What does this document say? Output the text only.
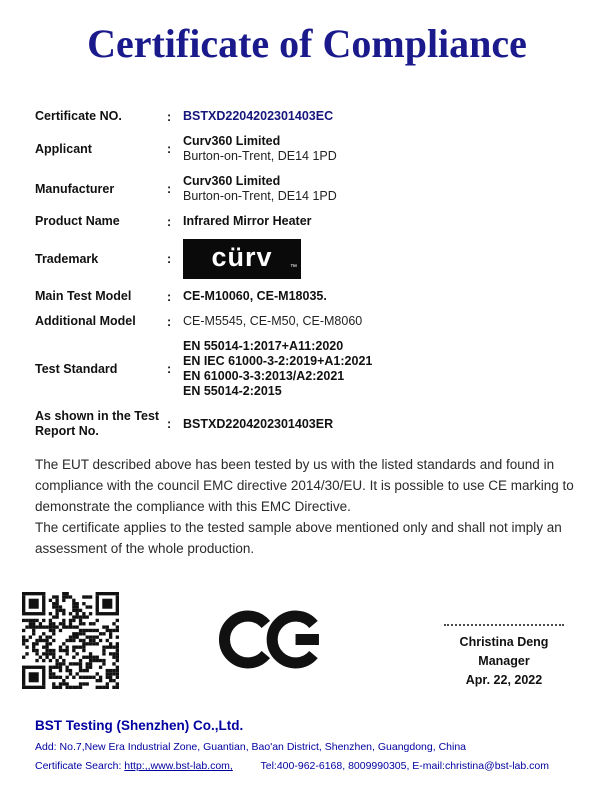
Certificate of Compliance
Certificate NO.	: BSTXD2204202301403EC
Applicant	:
Curv360 Limited
Burton-on-Trent, DE14 1PD
Manufacturer	:
Curv360 Limited
Burton-on-Trent, DE14 1PD
Product Name	: Infrared Mirror Heater
Trademark	:	cürv ™
Main Test Model	: CE-M10060, CE-M18035.
Additional Model	: CE-M5545, CE-M50, CE-M8060
Test Standard	:
EN 55014-1:2017+A11:2020
EN IEC 61000-3-2:2019+A1:2021
EN 61000-3-3:2013/A2:2021
EN 55014-2:2015
As shown in the Test Report No.	: BSTXD2204202301403ER

The EUT described above has been tested by us with the listed standards and found in compliance with the council EMC directive 2014/30/EU. It is possible to use CE marking to demonstrate the compliance with this EMC Directive.

The certificate applies to the tested sample above mentioned only and shall not imply an assessment of the whole production.

Christina Deng
Manager
Apr. 22, 2022
BST Testing (Shenzhen) Co.,Ltd.
Add: No.7,New Era Industrial Zone, Guantian, Bao'an District, Shenzhen, Guangdong, China
Certificate Search: http:,,www.bst-lab.com,	Tel:400-962-6168, 8009990305, E-mail:christina@bst-lab.com
